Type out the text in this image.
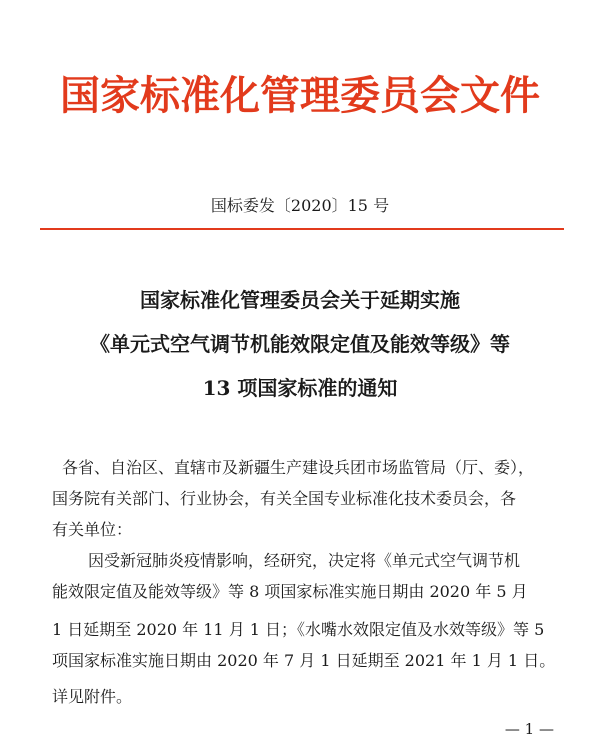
国家标准化管理委员会文件
国标委发〔2020〕15 号
国家标准化管理委员会关于延期实施
《单元式空气调节机能效限定值及能效等级》等
13 项国家标准的通知
各省、自治区、直辖市及新疆生产建设兵团市场监管局（厅、委），
国务院有关部门、行业协会，有关全国专业标准化技术委员会，各
有关单位：
因受新冠肺炎疫情影响，经研究，决定将《单元式空气调节机
能效限定值及能效等级》等 8 项国家标准实施日期由 2020 年 5 月
1 日延期至 2020 年 11 月 1 日；《水嘴水效限定值及水效等级》等 5
项国家标准实施日期由 2020 年 7 月 1 日延期至 2021 年 1 月 1 日。
详见附件。
— 1 —
